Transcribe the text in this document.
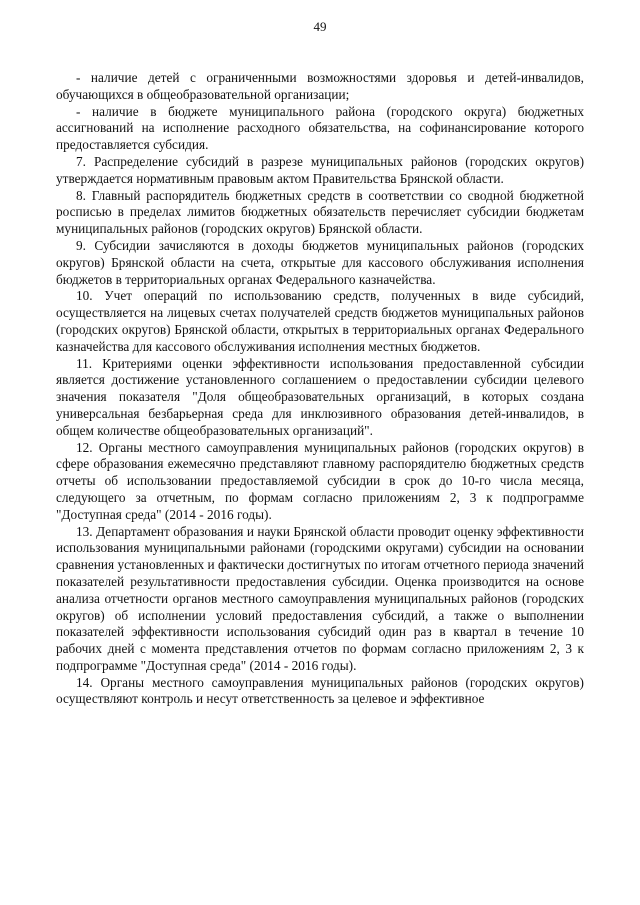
49

- наличие детей с ограниченными возможностями здоровья и детей-инвалидов, обучающихся в общеобразовательной организации;

- наличие в бюджете муниципального района (городского округа) бюджетных ассигнований на исполнение расходного обязательства, на софинансирование которого предоставляется субсидия.

7. Распределение субсидий в разрезе муниципальных районов (городских округов) утверждается нормативным правовым актом Правительства Брянской области.

8. Главный распорядитель бюджетных средств в соответствии со сводной бюджетной росписью в пределах лимитов бюджетных обязательств перечисляет субсидии бюджетам муниципальных районов (городских округов) Брянской области.

9. Субсидии зачисляются в доходы бюджетов муниципальных районов (городских округов) Брянской области на счета, открытые для кассового обслуживания исполнения бюджетов в территориальных органах Федерального казначейства.

10. Учет операций по использованию средств, полученных в виде субсидий, осуществляется на лицевых счетах получателей средств бюджетов муниципальных районов (городских округов) Брянской области, открытых в территориальных органах Федерального казначейства для кассового обслуживания исполнения местных бюджетов.

11. Критериями оценки эффективности использования предоставленной субсидии является достижение установленного соглашением о предоставлении субсидии целевого значения показателя "Доля общеобразовательных организаций, в которых создана универсальная безбарьерная среда для инклюзивного образования детей-инвалидов, в общем количестве общеобразовательных организаций".

12. Органы местного самоуправления муниципальных районов (городских округов) в сфере образования ежемесячно представляют главному распорядителю бюджетных средств отчеты об использовании предоставляемой субсидии в срок до 10-го числа месяца, следующего за отчетным, по формам согласно приложениям 2, 3 к подпрограмме "Доступная среда" (2014 - 2016 годы).

13. Департамент образования и науки Брянской области проводит оценку эффективности использования муниципальными районами (городскими округами) субсидии на основании сравнения установленных и фактически достигнутых по итогам отчетного периода значений показателей результативности предоставления субсидии. Оценка производится на основе анализа отчетности органов местного самоуправления муниципальных районов (городских округов) об исполнении условий предоставления субсидий, а также о выполнении показателей эффективности использования субсидий один раз в квартал в течение 10 рабочих дней с момента представления отчетов по формам согласно приложениям 2, 3 к подпрограмме "Доступная среда" (2014 - 2016 годы).

14. Органы местного самоуправления муниципальных районов (городских округов) осуществляют контроль и несут ответственность за целевое и эффективное
